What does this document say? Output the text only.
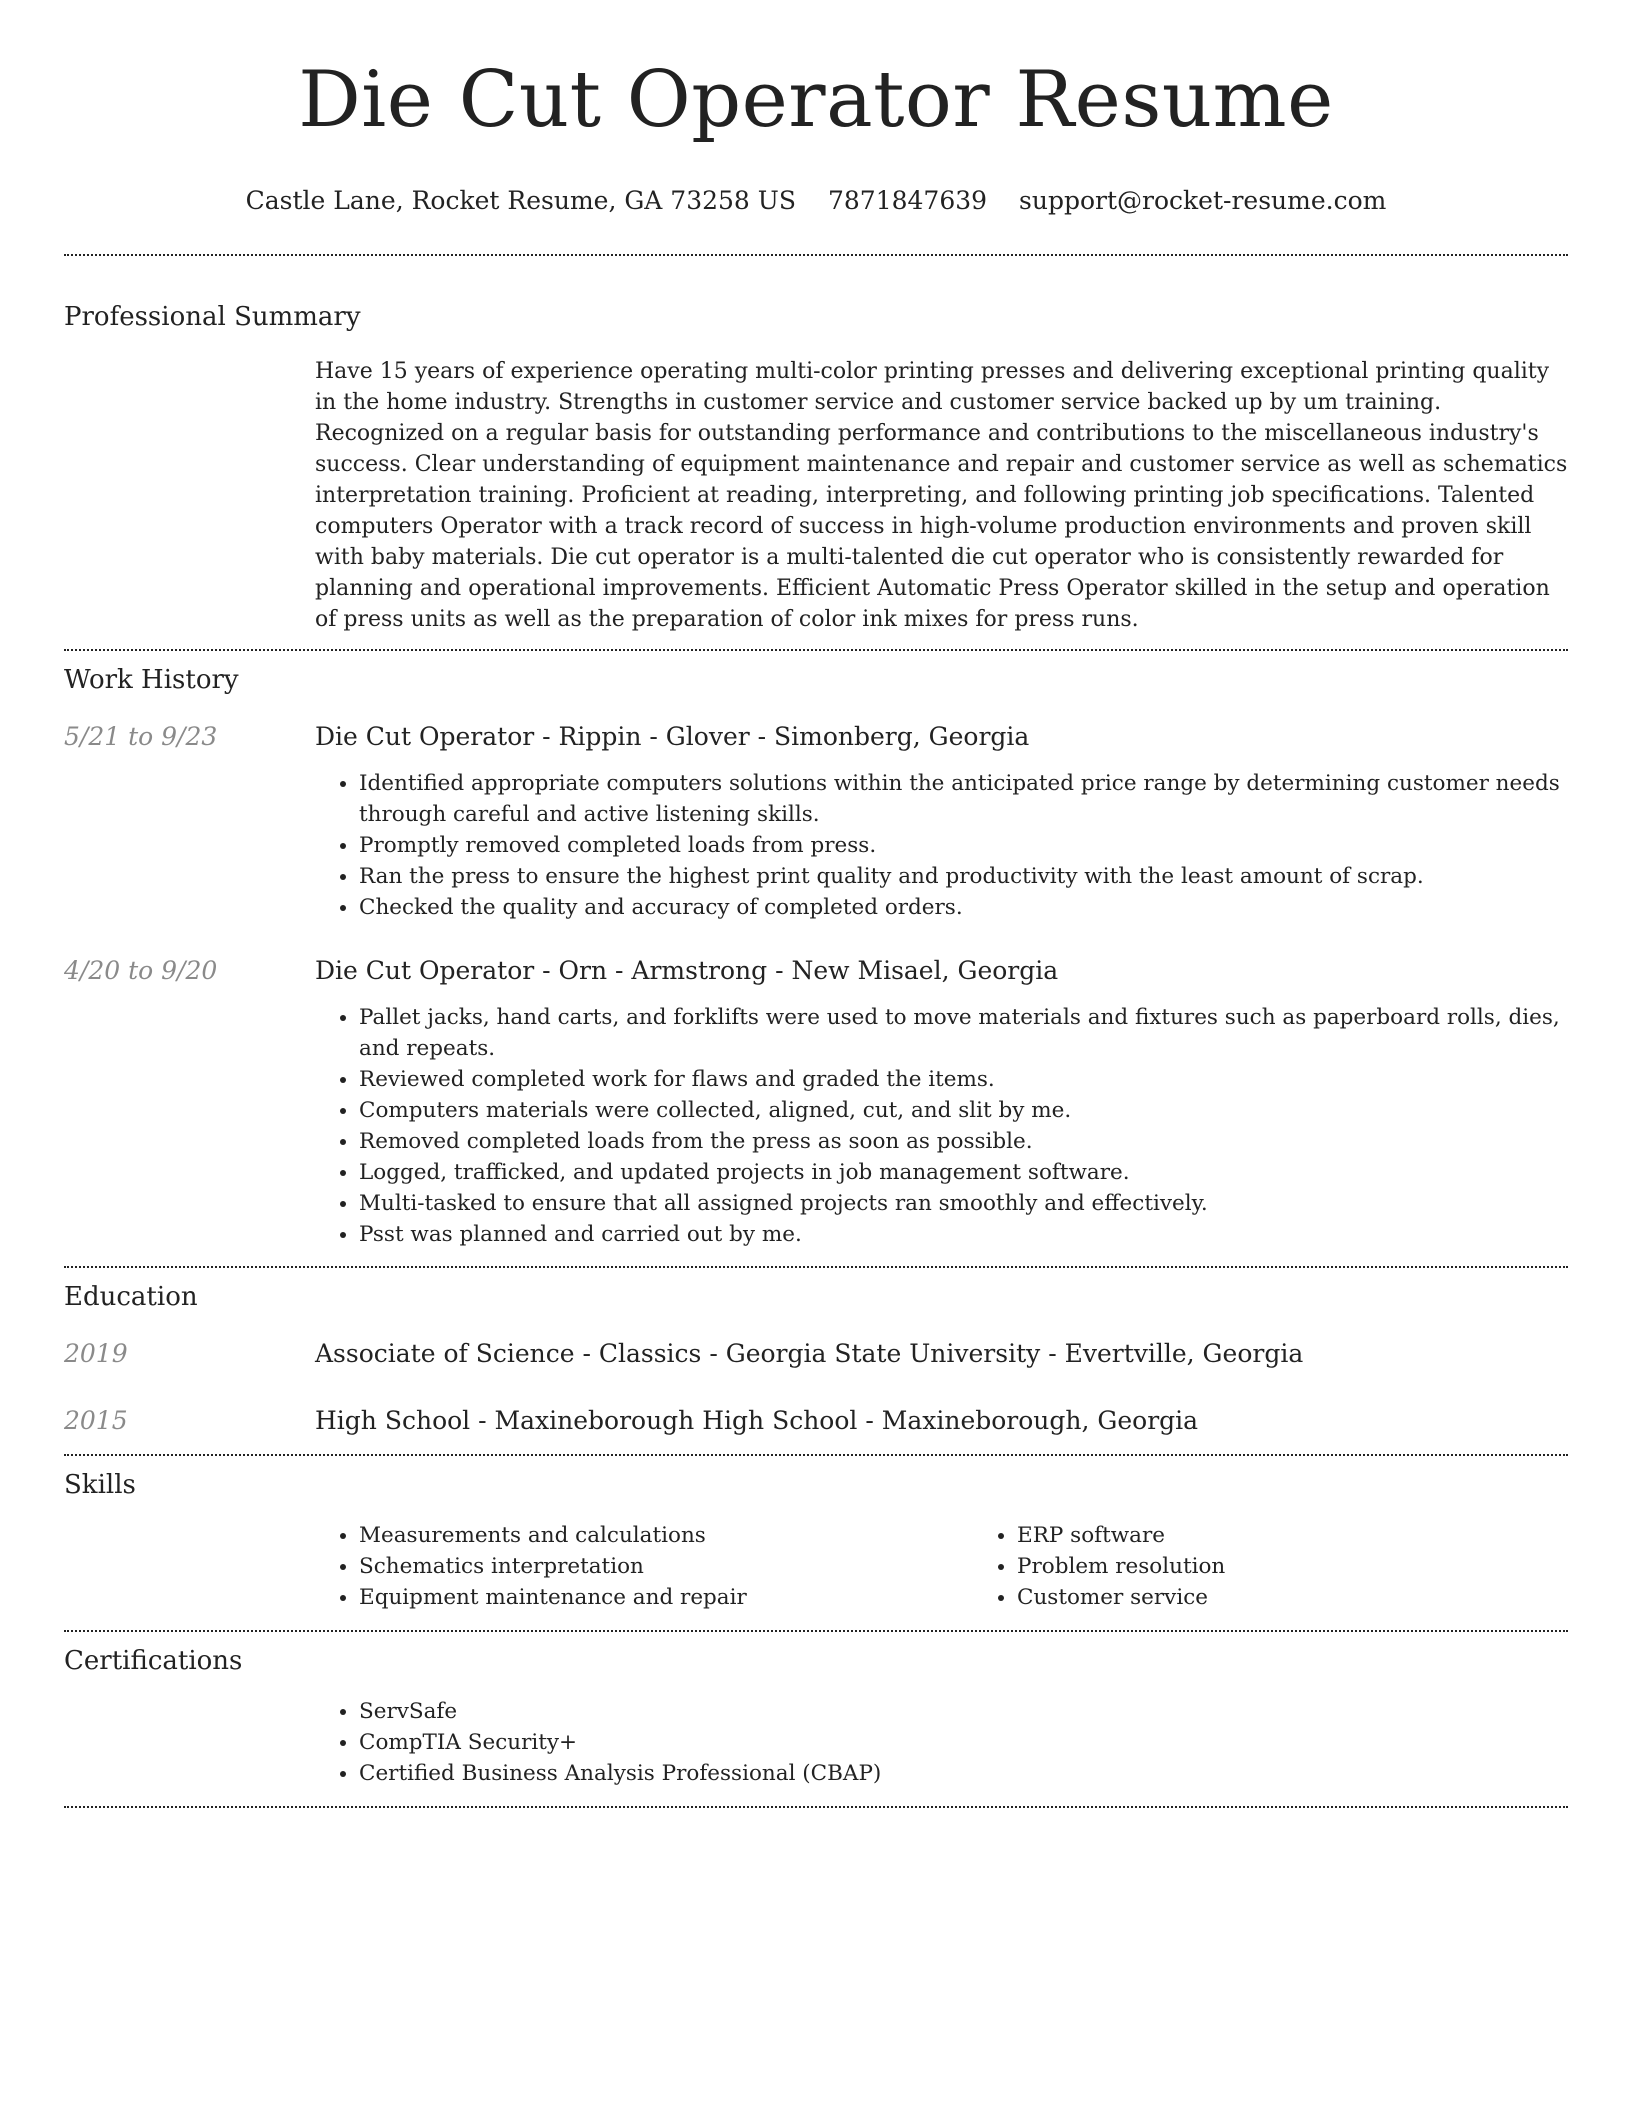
Die Cut Operator Resume
Castle Lane, Rocket Resume, GA 73258 US 7871847639 support@rocket-resume.com
Professional Summary

Have 15 years of experience operating multi-color printing presses and delivering exceptional printing quality in the home industry. Strengths in customer service and customer service backed up by um training. Recognized on a regular basis for outstanding performance and contributions to the miscellaneous industry's success. Clear understanding of equipment maintenance and repair and customer service as well as schematics interpretation training. Proficient at reading, interpreting, and following printing job specifications. Talented computers Operator with a track record of success in high-volume production environments and proven skill with baby materials. Die cut operator is a multi-talented die cut operator who is consistently rewarded for planning and operational improvements. Efficient Automatic Press Operator skilled in the setup and operation of press units as well as the preparation of color ink mixes for press runs.

Work History
5/21 to 9/23	Die Cut Operator - Rippin - Glover - Simonberg, Georgia

• Identified appropriate computers solutions within the anticipated price range by determining customer needs through careful and active listening skills.
• Promptly removed completed loads from press.
• Ran the press to ensure the highest print quality and productivity with the least amount of scrap.
• Checked the quality and accuracy of completed orders.
4/20 to 9/20	Die Cut Operator - Orn - Armstrong - New Misael, Georgia

• Pallet jacks, hand carts, and forklifts were used to move materials and fixtures such as paperboard rolls, dies, and repeats.
• Reviewed completed work for flaws and graded the items.
• Computers materials were collected, aligned, cut, and slit by me.
• Removed completed loads from the press as soon as possible.
• Logged, trafficked, and updated projects in job management software.
• Multi-tasked to ensure that all assigned projects ran smoothly and effectively.
• Psst was planned and carried out by me.
Education
2019	Associate of Science - Classics - Georgia State University - Evertville, Georgia

2015	High School - Maxineborough High School - Maxineborough, Georgia

Skills
• Measurements and calculations
• Schematics interpretation
• Equipment maintenance and repair
• ERP software
• Problem resolution
• Customer service
Certifications
• ServSafe
• CompTIA Security+
• Certified Business Analysis Professional (CBAP)
